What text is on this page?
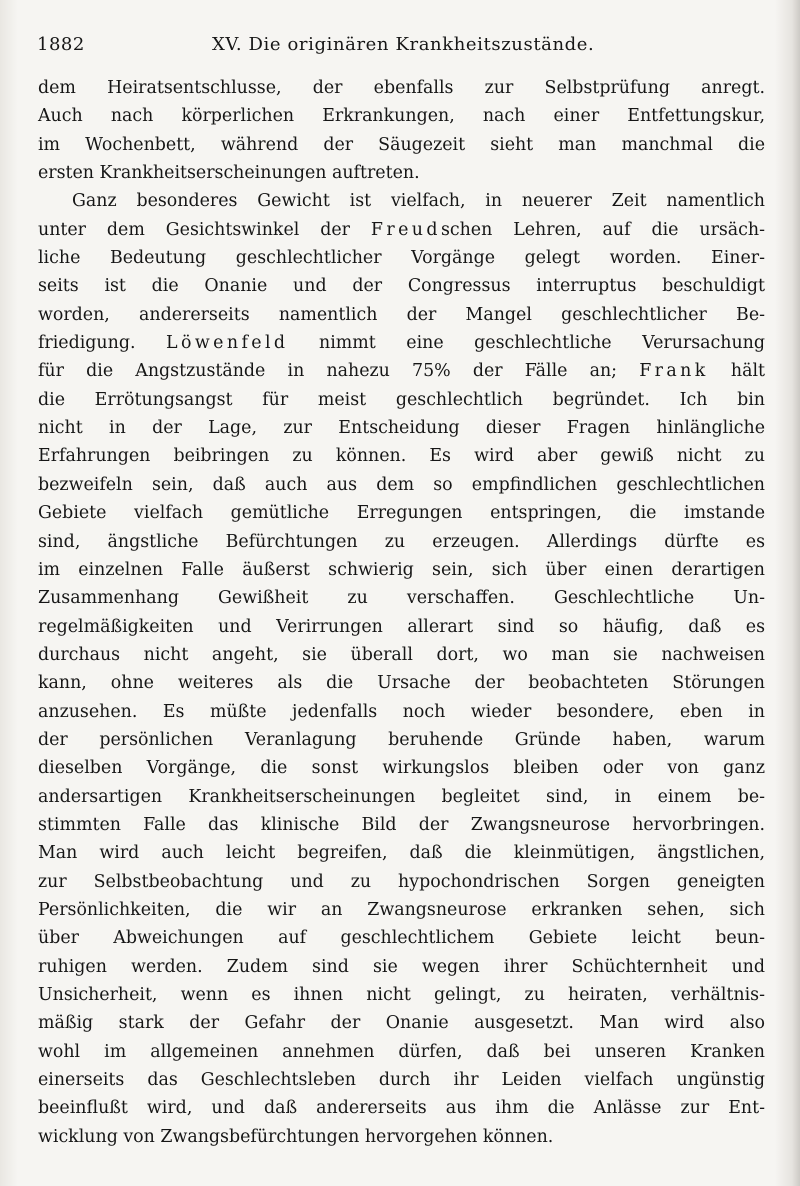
1882	XV. Die originären Krankheitszustände.
dem Heiratsentschlusse, der ebenfalls zur Selbstprüfung anregt.
Auch nach körperlichen Erkrankungen, nach einer Entfettungskur,
im Wochenbett, während der Säugezeit sieht man manchmal die
ersten Krankheitserscheinungen auftreten.
Ganz besonderes Gewicht ist vielfach, in neuerer Zeit namentlich
unter dem Gesichtswinkel der Freudschen Lehren, auf die ursäch-
liche Bedeutung geschlechtlicher Vorgänge gelegt worden. Einer-
seits ist die Onanie und der Congressus interruptus beschuldigt
worden, andererseits namentlich der Mangel geschlechtlicher Be-
friedigung. Löwenfeld nimmt eine geschlechtliche Verursachung
für die Angstzustände in nahezu 75% der Fälle an; Frank hält
die Errötungsangst für meist geschlechtlich begründet. Ich bin
nicht in der Lage, zur Entscheidung dieser Fragen hinlängliche
Erfahrungen beibringen zu können. Es wird aber gewiß nicht zu
bezweifeln sein, daß auch aus dem so empfindlichen geschlechtlichen
Gebiete vielfach gemütliche Erregungen entspringen, die imstande
sind, ängstliche Befürchtungen zu erzeugen. Allerdings dürfte es
im einzelnen Falle äußerst schwierig sein, sich über einen derartigen
Zusammenhang Gewißheit zu verschaffen. Geschlechtliche Un-
regelmäßigkeiten und Verirrungen allerart sind so häufig, daß es
durchaus nicht angeht, sie überall dort, wo man sie nachweisen
kann, ohne weiteres als die Ursache der beobachteten Störungen
anzusehen. Es müßte jedenfalls noch wieder besondere, eben in
der persönlichen Veranlagung beruhende Gründe haben, warum
dieselben Vorgänge, die sonst wirkungslos bleiben oder von ganz
andersartigen Krankheitserscheinungen begleitet sind, in einem be-
stimmten Falle das klinische Bild der Zwangsneurose hervorbringen.
Man wird auch leicht begreifen, daß die kleinmütigen, ängstlichen,
zur Selbstbeobachtung und zu hypochondrischen Sorgen geneigten
Persönlichkeiten, die wir an Zwangsneurose erkranken sehen, sich
über Abweichungen auf geschlechtlichem Gebiete leicht beun-
ruhigen werden. Zudem sind sie wegen ihrer Schüchternheit und
Unsicherheit, wenn es ihnen nicht gelingt, zu heiraten, verhältnis-
mäßig stark der Gefahr der Onanie ausgesetzt. Man wird also
wohl im allgemeinen annehmen dürfen, daß bei unseren Kranken
einerseits das Geschlechtsleben durch ihr Leiden vielfach ungünstig
beeinflußt wird, und daß andererseits aus ihm die Anlässe zur Ent-
wicklung von Zwangsbefürchtungen hervorgehen können.
